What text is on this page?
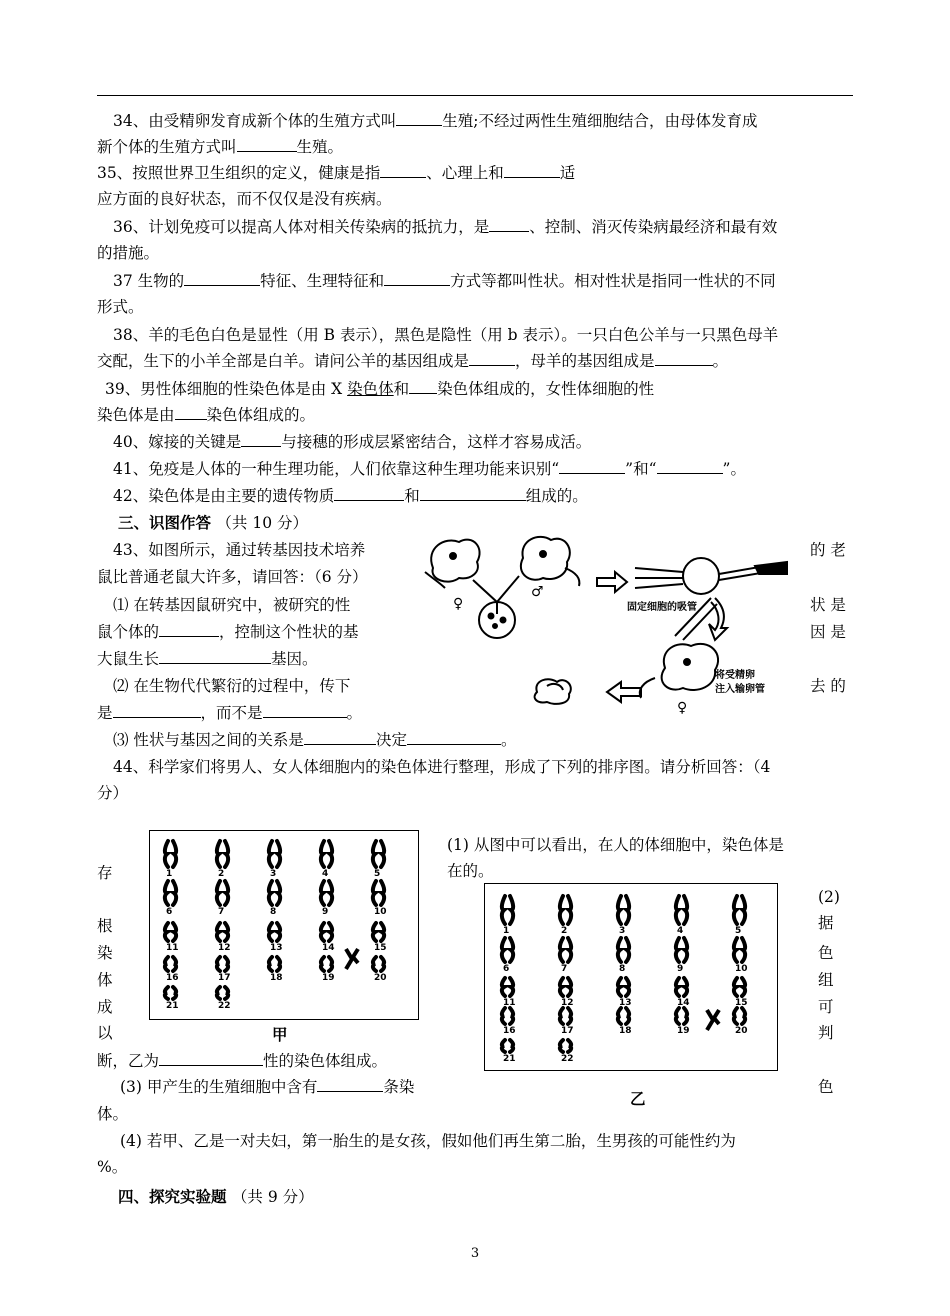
34、由受精卵发育成新个体的生殖方式叫	生殖;不经过两性生殖细胞结合，由母体发育成
新个体的生殖方式叫	生殖。
35、按照世界卫生组织的定义，健康是指	、心理上和	适
应方面的良好状态，而不仅仅是没有疾病。
36、计划免疫可以提高人体对相关传染病的抵抗力，是	、控制、消灭传染病最经济和最有效
的措施。
37 生物的	特征、生理特征和	方式等都叫性状。相对性状是指同一性状的不同
形式。
38、羊的毛色白色是显性（用 B 表示），黑色是隐性（用 b 表示）。一只白色公羊与一只黑色母羊
交配，生下的小羊全部是白羊。请问公羊的基因组成是	，母羊的基因组成是	。
39、男性体细胞的性染色体是由 X 染色体和 染色体组成的，女性体细胞的性
染色体是由 染色体组成的。
40、嫁接的关键是	与接穗的形成层紧密结合，这样才容易成活。
41、免疫是人体的一种生理功能，人们依靠这种生理功能来识别“	”和“	”。
42、染色体是由主要的遗传物质	和	组成的。
三、识图作答 （共 10 分）
43、如图所示，通过转基因技术培养	的 老
鼠比普通老鼠大许多，请回答：（6 分）
⑴ 在转基因鼠研究中，被研究的性	状 是
鼠个体的	，控制这个性状的基	因 是
大鼠生长	基因。
⑵ 在生物代代繁衍的过程中，传下	去 的
是	，而不是	。
⑶ 性状与基因之间的关系是	决定	。
♀
♂
固定细胞的吸管
将受精卵
注入输卵管
♀
44、科学家们将男人、女人体细胞内的染色体进行整理，形成了下列的排序图。请分析回答：（4
分）
(1) 从图中可以看出，在人的体细胞中，染色体是
在的。
(2)
存
根
染
体
成
以
据
色
组
可
判
断，乙为	性的染色体组成。
(3) 甲产生的生殖细胞中含有	条染	色
体。
(4) 若甲、乙是一对夫妇，第一胎生的是女孩，假如他们再生第二胎，生男孩的可能性约为
%。
四、探究实验题 （共 9 分）
1	2	3	4	5
6	7	8	9	10
11	12	13	14	15
16	17	18	19	20
21	22
甲
1	2	3	4	5
6	7	8	9	10
11	12	13	14	15
16	17	18	19	20
21	22
乙
3
